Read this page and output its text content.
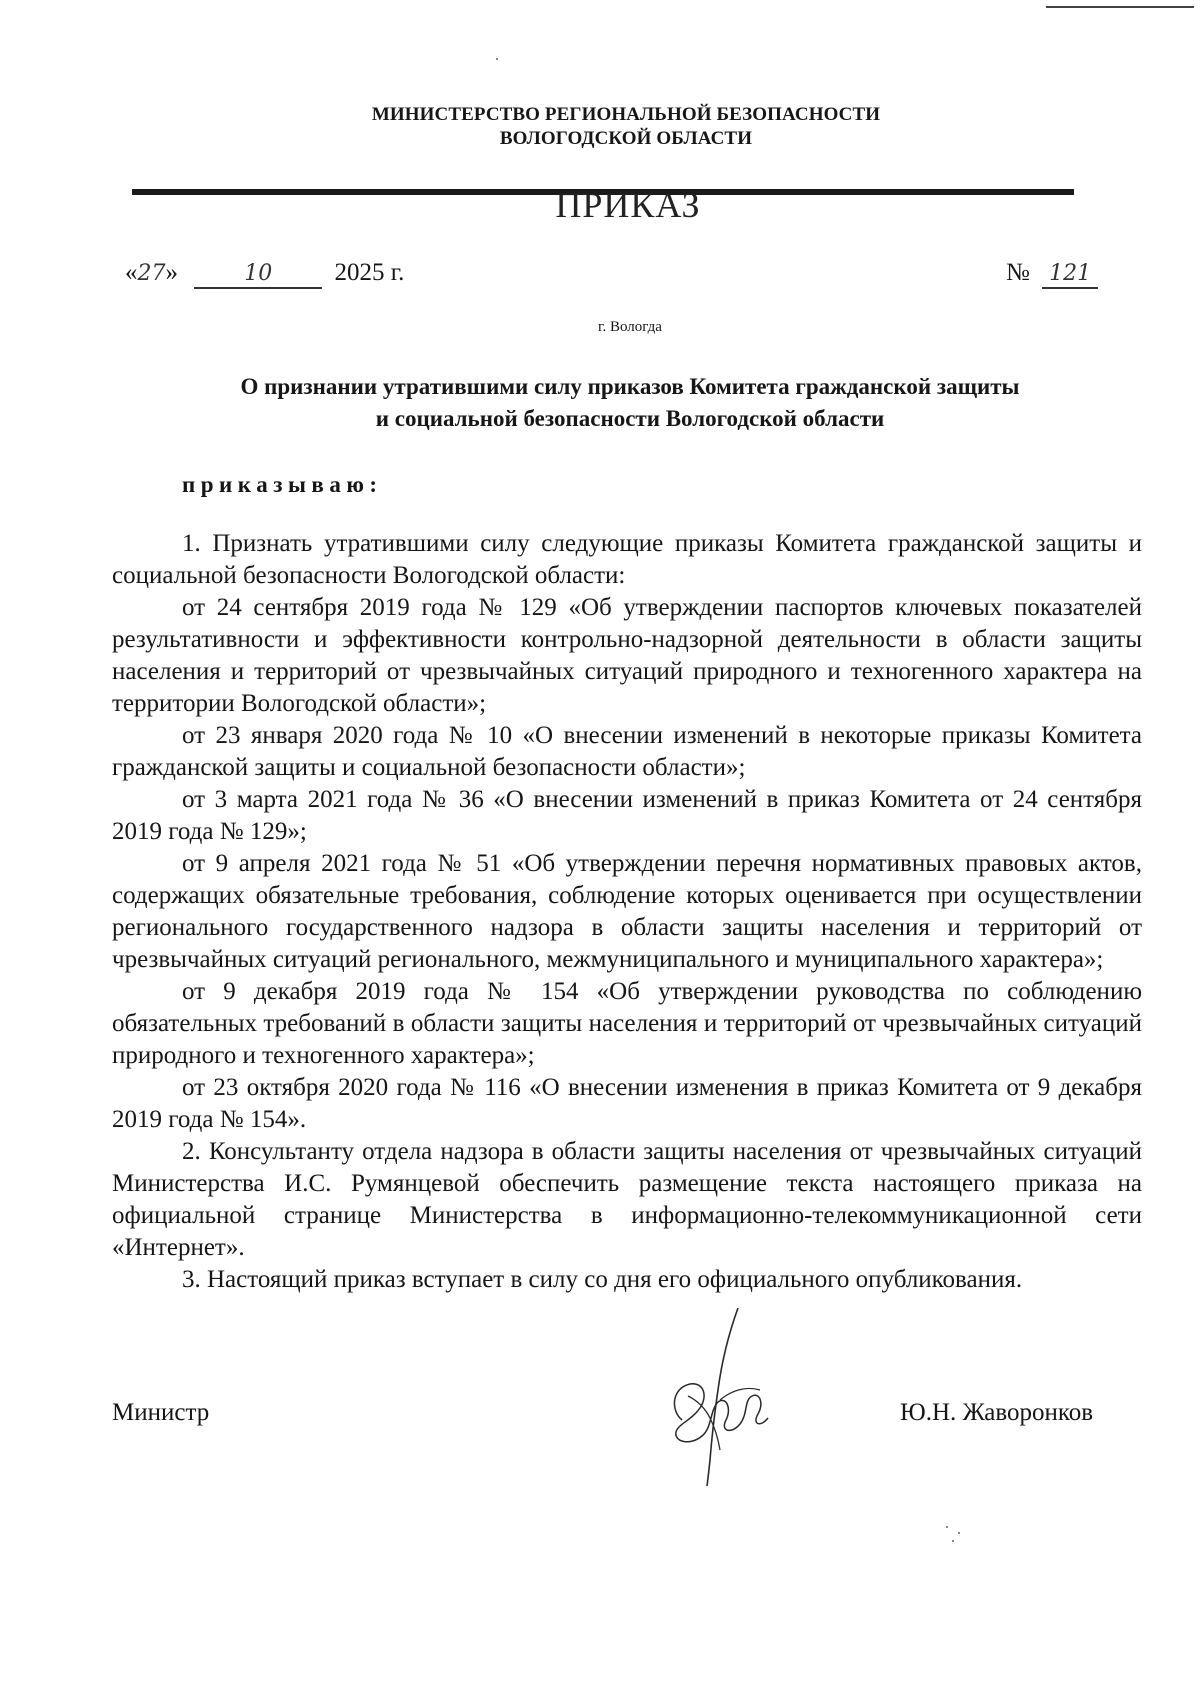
МИНИСТЕРСТВО РЕГИОНАЛЬНОЙ БЕЗОПАСНОСТИ
ВОЛОГОДСКОЙ ОБЛАСТИ
ПРИКАЗ
«27»	10 2025 г.	№ 121
г. Вологда
О признании утратившими силу приказов Комитета гражданской защиты
и социальной безопасности Вологодской области
приказываю:

1. Признать утратившими силу следующие приказы Комитета гражданской защиты и социальной безопасности Вологодской области:

от 24 сентября 2019 года № 129 «Об утверждении паспортов ключевых показателей результативности и эффективности контрольно-надзорной деятельности в области защиты населения и территорий от чрезвычайных ситуаций природного и техногенного характера на территории Вологодской области»;

от 23 января 2020 года № 10 «О внесении изменений в некоторые приказы Комитета гражданской защиты и социальной безопасности области»;

от 3 марта 2021 года № 36 «О внесении изменений в приказ Комитета от 24 сентября 2019 года № 129»;

от 9 апреля 2021 года № 51 «Об утверждении перечня нормативных правовых актов, содержащих обязательные требования, соблюдение которых оценивается при осуществлении регионального государственного надзора в области защиты населения и территорий от чрезвычайных ситуаций регионального, межмуниципального и муниципального характера»;

от 9 декабря 2019 года № 154 «Об утверждении руководства по соблюдению обязательных требований в области защиты населения и территорий от чрезвычайных ситуаций природного и техногенного характера»;

от 23 октября 2020 года № 116 «О внесении изменения в приказ Комитета от 9 декабря 2019 года № 154».

2. Консультанту отдела надзора в области защиты населения от чрезвычайных ситуаций Министерства И.С. Румянцевой обеспечить размещение текста настоящего приказа на официальной странице Министерства в информационно-телекоммуникационной сети «Интернет».

3. Настоящий приказ вступает в силу со дня его официального опубликования.

Министр	Ю.Н. Жаворонков
